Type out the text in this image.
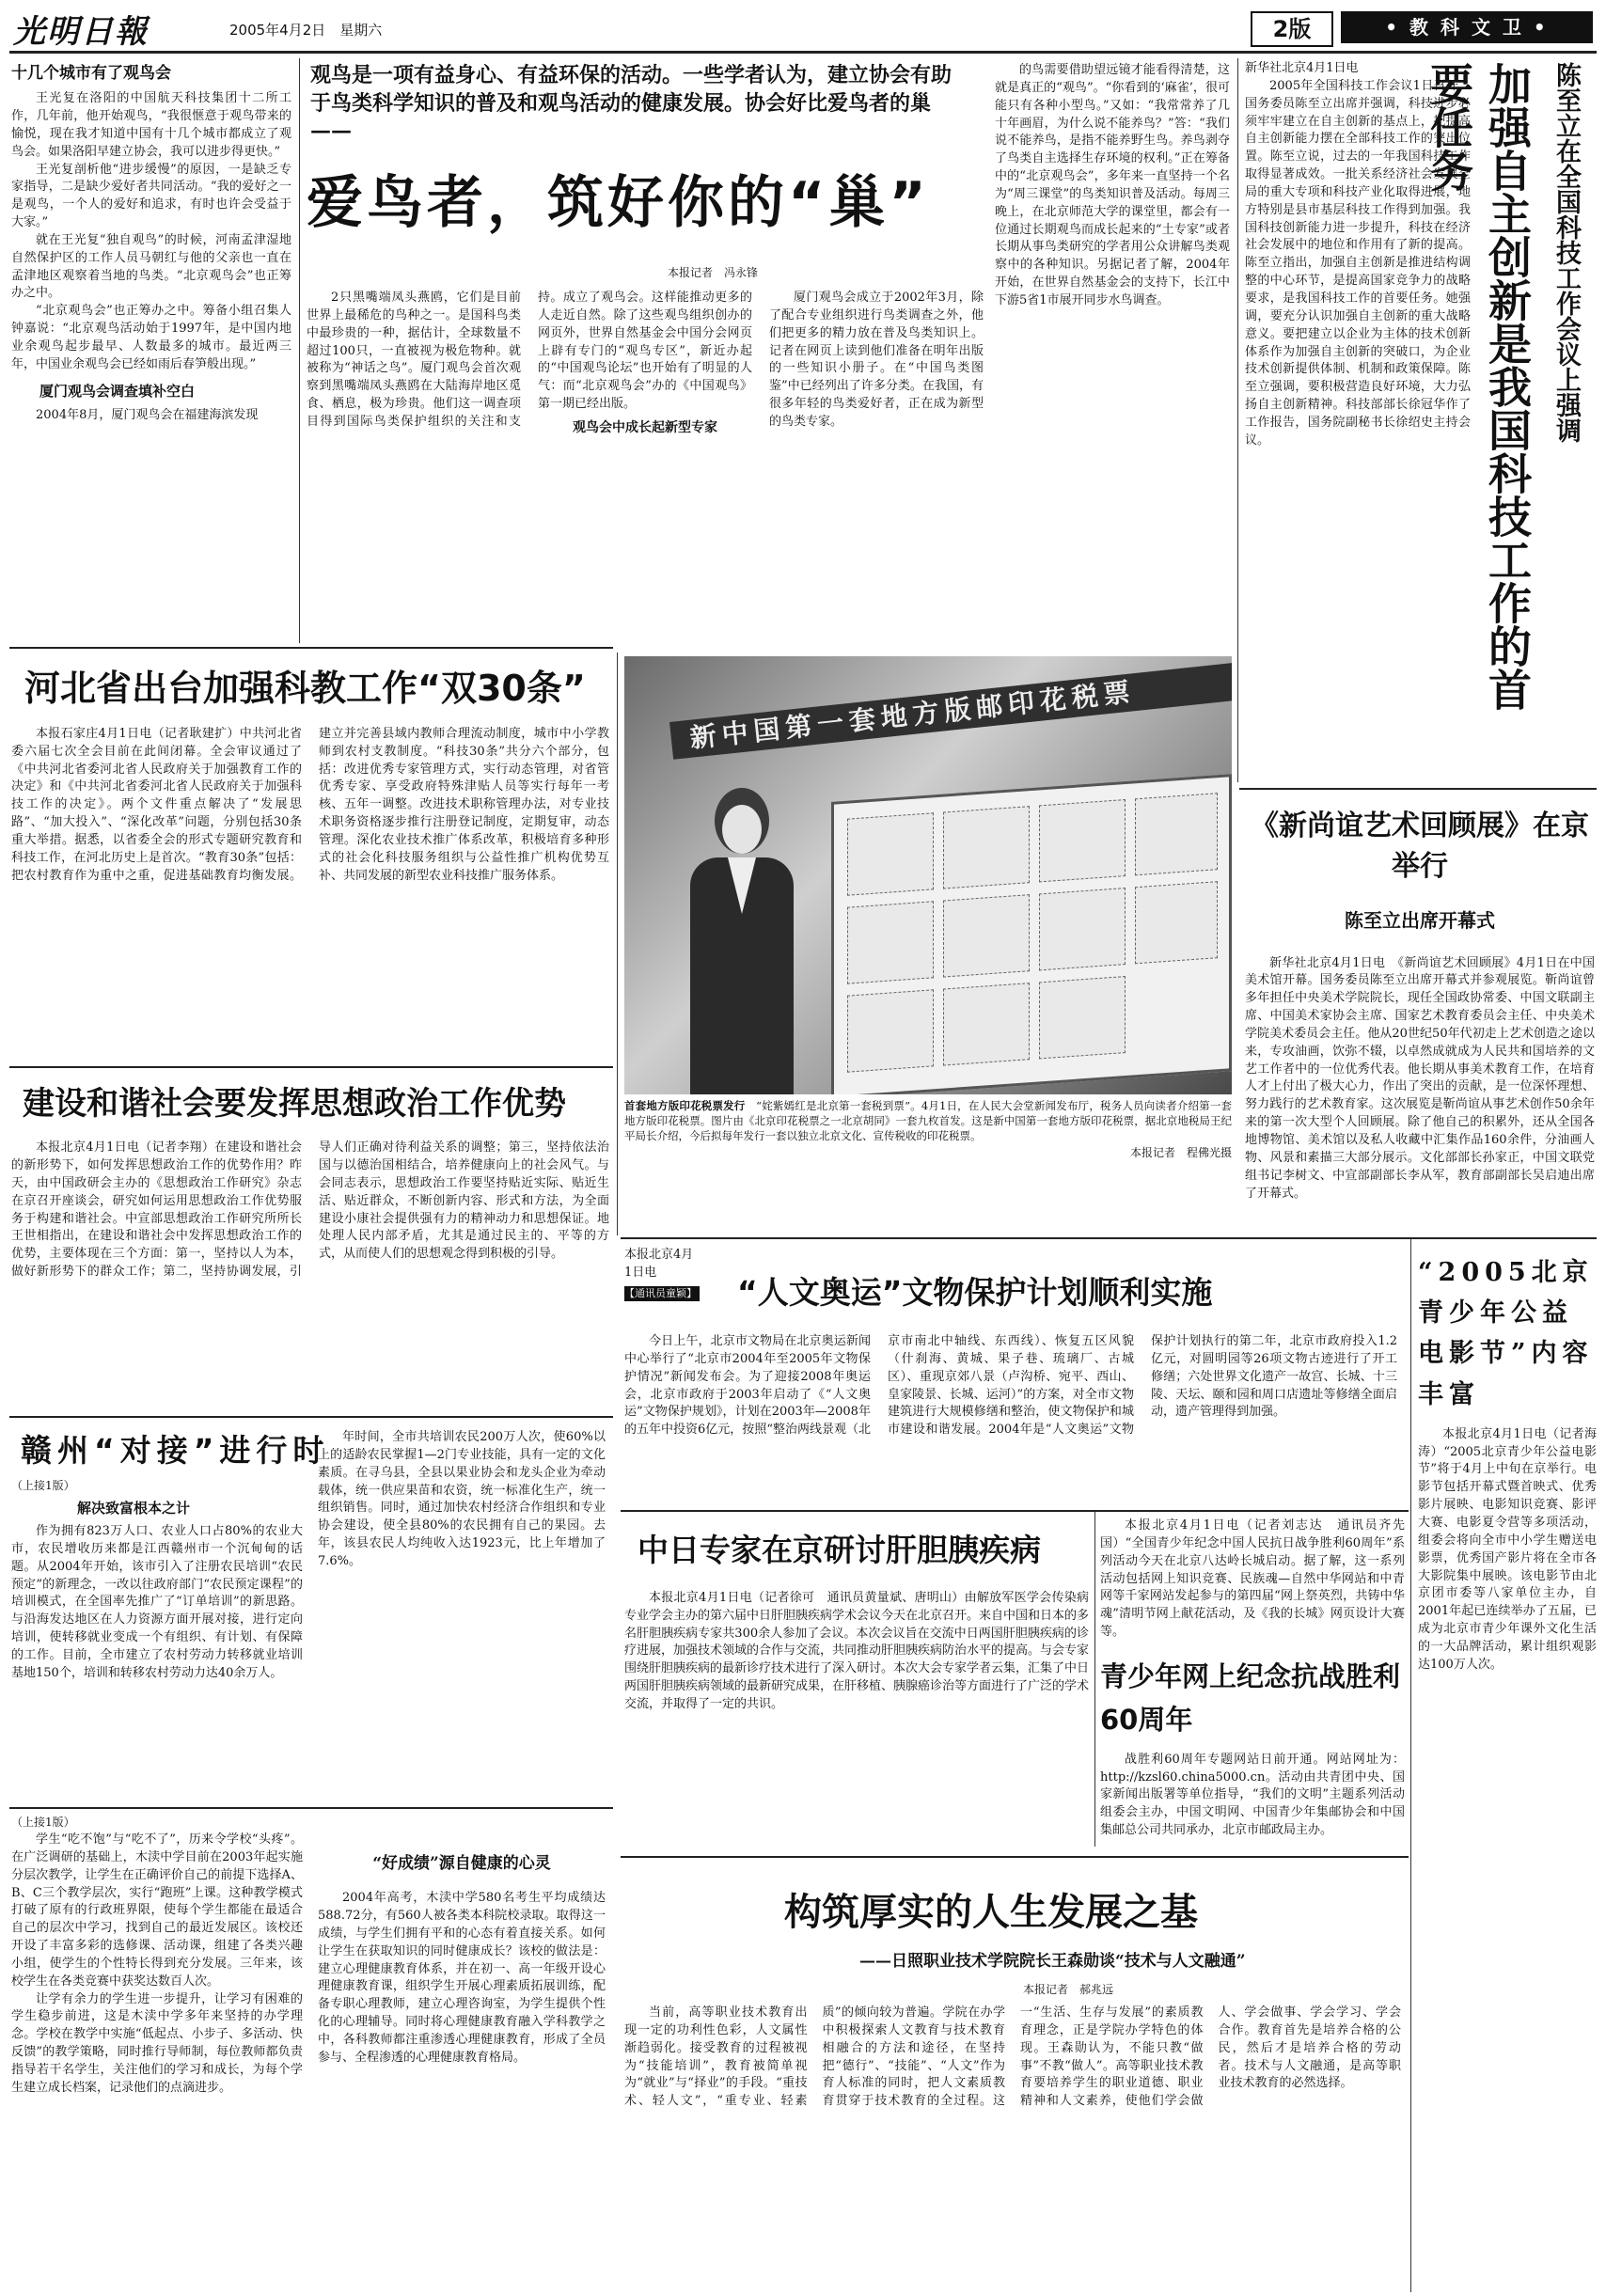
光明日報	2005年4月2日　星期六	2版	• 教 科 文 卫 •
十几个城市有了观鸟会

王光复在洛阳的中国航天科技集团十二所工作，几年前，他开始观鸟，“我很惬意于观鸟带来的愉悦，现在我才知道中国有十几个城市都成立了观鸟会。如果洛阳早建立协会，我可以进步得更快。”

王光复剖析他“进步缓慢”的原因，一是缺乏专家指导，二是缺少爱好者共同活动。“我的爱好之一是观鸟，一个人的爱好和追求，有时也许会受益于大家。”

就在王光复“独自观鸟”的时候，河南孟津湿地自然保护区的工作人员马朝红与他的父亲也一直在孟津地区观察着当地的鸟类。“北京观鸟会”也正筹办之中。

“北京观鸟会”也正筹办之中。筹备小组召集人钟嘉说：“北京观鸟活动始于1997年，是中国内地业余观鸟起步最早、人数最多的城市。最近两三年，中国业余观鸟会已经如雨后春笋般出现。”

厦门观鸟会调查填补空白

2004年8月，厦门观鸟会在福建海滨发现

观鸟是一项有益身心、有益环保的活动。一些学者认为，建立协会有助于鸟类科学知识的普及和观鸟活动的健康发展。协会好比爱鸟者的巢——
爱鸟者，筑好你的“巢”
本报记者　冯永锋

2只黑嘴端凤头燕鸥，它们是目前世界上最稀危的鸟种之一。是国科鸟类中最珍贵的一种，据估计，全球数量不超过100只，一直被视为极危物种。就被称为“神话之鸟”。厦门观鸟会首次观察到黑嘴端凤头燕鸥在大陆海岸地区觅食、栖息，极为珍贵。他们这一调查项目得到国际鸟类保护组织的关注和支持。成立了观鸟会。这样能推动更多的人走近自然。除了这些观鸟组织创办的网页外，世界自然基金会中国分会网页上辟有专门的“观鸟专区”，新近办起的“中国观鸟论坛”也开始有了明显的人气：而“北京观鸟会”办的《中国观鸟》第一期已经出版。

观鸟会中成长起新型专家

厦门观鸟会成立于2002年3月，除了配合专业组织进行鸟类调查之外，他们把更多的精力放在普及鸟类知识上。记者在网页上读到他们准备在明年出版的一些知识小册子。在“中国鸟类图鉴”中已经列出了许多分类。在我国，有很多年轻的鸟类爱好者，正在成为新型的鸟类专家。

的鸟需要借助望远镜才能看得清楚，这就是真正的“观鸟”。“你看到的‘麻雀’，很可能只有各种小型鸟。”又如：“我常常养了几十年画眉，为什么说不能养鸟？”答：“我们说不能养鸟，是指不能养野生鸟。养鸟剥夺了鸟类自主选择生存环境的权利。”正在筹备中的“北京观鸟会”，多年来一直坚持一个名为“周三课堂”的鸟类知识普及活动。每周三晚上，在北京师范大学的课堂里，都会有一位通过长期观鸟而成长起来的“土专家”或者长期从事鸟类研究的学者用公众讲解鸟类观察中的各种知识。另据记者了解，2004年开始，在世界自然基金会的支持下，长江中下游5省1市展开同步水鸟调查。

新华社北京4月1日电

2005年全国科技工作会议1日召开，国务委员陈至立出席并强调，科技进步必须牢牢建立在自主创新的基点上，把提高自主创新能力摆在全部科技工作的突出位置。陈至立说，过去的一年我国科技工作取得显著成效。一批关系经济社会发展全局的重大专项和科技产业化取得进展，地方特别是县市基层科技工作得到加强。我国科技创新能力进一步提升，科技在经济社会发展中的地位和作用有了新的提高。陈至立指出，加强自主创新是推进结构调整的中心环节，是提高国家竞争力的战略要求，是我国科技工作的首要任务。她强调，要充分认识加强自主创新的重大战略意义。要把建立以企业为主体的技术创新体系作为加强自主创新的突破口，为企业技术创新提供体制、机制和政策保障。陈至立强调，要积极营造良好环境，大力弘扬自主创新精神。科技部部长徐冠华作了工作报告，国务院副秘书长徐绍史主持会议。	加强自主创新是我国科技工作的首要任务	陈至立在全国科技工作会议上强调
河北省出台加强科教工作“双30条”

本报石家庄4月1日电（记者耿建扩）中共河北省委六届七次全会目前在此间闭幕。全会审议通过了《中共河北省委河北省人民政府关于加强教育工作的决定》和《中共河北省委河北省人民政府关于加强科技工作的决定》。两个文件重点解决了“发展思路”、“加大投入”、“深化改革”问题，分别包括30条重大举措。据悉，以省委全会的形式专题研究教育和科技工作，在河北历史上是首次。“教育30条”包括：把农村教育作为重中之重，促进基础教育均衡发展。建立并完善县域内教师合理流动制度，城市中小学教师到农村支教制度。“科技30条”共分六个部分，包括：改进优秀专家管理方式，实行动态管理，对省管优秀专家、享受政府特殊津贴人员等实行每年一考核、五年一调整。改进技术职称管理办法，对专业技术职务资格逐步推行注册登记制度，定期复审，动态管理。深化农业技术推广体系改革，积极培育多种形式的社会化科技服务组织与公益性推广机构优势互补、共同发展的新型农业科技推广服务体系。

新中国第一套地方版邮印花税票

首套地方版印花税票发行　 “姹紫嫣红是北京第一套税到票”。4月1日，在人民大会堂新闻发布厅，税务人员向读者介绍第一套地方版印花税票。图片由《北京印花税票之一北京胡同》一套九枚首发。这是新中国第一套地方版印花税票，据北京地税局王纪平局长介绍，今后拟每年发行一套以独立北京文化、宣传税收的印花税票。

本报记者　程佛光摄
《新尚谊艺术回顾展》在京举行
陈至立出席开幕式

新华社北京4月1日电　《新尚谊艺术回顾展》4月1日在中国美术馆开幕。国务委员陈至立出席开幕式并参观展览。靳尚谊曾多年担任中央美术学院院长，现任全国政协常委、中国文联副主席、中国美术家协会主席、国家艺术教育委员会主任、中央美术学院美术委员会主任。他从20世纪50年代初走上艺术创造之途以来，专攻油画，饮弥不辍，以卓然成就成为人民共和国培养的文艺工作者中的一位优秀代表。他长期从事美术教育工作，在培育人才上付出了极大心力，作出了突出的贡献，是一位深怀理想、努力践行的艺术教育家。这次展览是靳尚谊从事艺术创作50余年来的第一次大型个人回顾展。除了他自己的积累外，还从全国各地博物馆、美术馆以及私人收藏中汇集作品160余件，分油画人物、风景和素描三大部分展示。文化部部长孙家正，中国文联党组书记李树文、中宣部副部长李从军，教育部副部长吴启迪出席了开幕式。

建设和谐社会要发挥思想政治工作优势

本报北京4月1日电（记者李翔）在建设和谐社会的新形势下，如何发挥思想政治工作的优势作用？昨天，由中国政研会主办的《思想政治工作研究》杂志在京召开座谈会，研究如何运用思想政治工作优势服务于构建和谐社会。中宣部思想政治工作研究所所长王世相指出，在建设和谐社会中发挥思想政治工作的优势，主要体现在三个方面：第一，坚持以人为本，做好新形势下的群众工作；第二，坚持协调发展，引导人们正确对待利益关系的调整；第三，坚持依法治国与以德治国相结合，培养健康向上的社会风气。与会同志表示，思想政治工作要坚持贴近实际、贴近生活、贴近群众，不断创新内容、形式和方法，为全面建设小康社会提供强有力的精神动力和思想保证。地处理人民内部矛盾，尤其是通过民主的、平等的方式，从而使人们的思想观念得到积极的引导。	本报北京4月1日电
【通讯员童颖】 “人文奥运”文物保护计划顺利实施

今日上午，北京市文物局在北京奥运新闻中心举行了“北京市2004年至2005年文物保护情况”新闻发布会。为了迎接2008年奥运会，北京市政府于2003年启动了《“人文奥运”文物保护规划》，计划在2003年—2008年的五年中投资6亿元，按照“整治两线景观（北京市南北中轴线、东西线）、恢复五区风貌（什刹海、黄城、果子巷、琉璃厂、古城区）、重现京郊八景（卢沟桥、宛平、西山、皇家陵景、长城、运河）”的方案，对全市文物建筑进行大规模修缮和整治，使文物保护和城市建设和谐发展。2004年是“人文奥运”文物保护计划执行的第二年，北京市政府投入1.2亿元，对圆明园等26项文物古迹进行了开工修缮；六处世界文化遗产一故宫、长城、十三陵、天坛、颐和园和周口店遗址等修缮全面启动，遗产管理得到加强。

“2005北京青少年公益电影节”内容丰富

本报北京4月1日电（记者海涛）“2005北京青少年公益电影节”将于4月上中旬在京举行。电影节包括开幕式暨首映式、优秀影片展映、电影知识竞赛、影评大赛、电影夏令营等多项活动，组委会将向全市中小学生赠送电影票，优秀国产影片将在全市各大影院集中展映。该电影节由北京团市委等八家单位主办，自2001年起已连续举办了五届，已成为北京市青少年课外文化生活的一大品牌活动，累计组织观影达100万人次。

赣州“对接”进行时
（上接1版）
解决致富根本之计

作为拥有823万人口、农业人口占80%的农业大市，农民增收历来都是江西赣州市一个沉甸甸的话题。从2004年开始，该市引入了注册农民培训“农民预定”的新理念，一改以往政府部门“农民预定课程”的培训模式，在全国率先推广了“订单培训”的新思路。与沿海发达地区在人力资源方面开展对接，进行定向培训，使转移就业变成一个有组织、有计划、有保障的工作。目前，全市建立了农村劳动力转移就业培训基地150个，培训和转移农村劳动力达40余万人。

年时间，全市共培训农民200万人次，使60%以上的适龄农民掌握1—2门专业技能，具有一定的文化素质。在寻乌县，全县以果业协会和龙头企业为牵动载体，统一供应果苗和农资，统一标准化生产，统一组织销售。同时，通过加快农村经济合作组织和专业协会建设，使全县80%的农民拥有自己的果园。去年，该县农民人均纯收入达1923元，比上年增加了7.6%。	中日专家在京研讨肝胆胰疾病

本报北京4月1日电（记者徐可　通讯员黄量斌、唐明山）由解放军医学会传染病专业学会主办的第六届中日肝胆胰疾病学术会议今天在北京召开。来自中国和日本的多名肝胆胰疾病专家共300余人参加了会议。本次会议旨在交流中日两国肝胆胰疾病的诊疗进展，加强技术领域的合作与交流，共同推动肝胆胰疾病防治水平的提高。与会专家围绕肝胆胰疾病的最新诊疗技术进行了深入研讨。本次大会专家学者云集，汇集了中日两国肝胆胰疾病领域的最新研究成果，在肝移植、胰腺癌诊治等方面进行了广泛的学术交流，并取得了一定的共识。

本报北京4月1日电（记者刘志达　通讯员齐先国）“全国青少年纪念中国人民抗日战争胜利60周年”系列活动今天在北京八达岭长城启动。据了解，这一系列活动包括网上知识竞赛、民族魂—自然中华网站和中青网等千家网站发起参与的第四届“网上祭英烈，共铸中华魂”清明节网上献花活动，及《我的长城》网页设计大赛等。

青少年网上纪念抗战胜利60周年

战胜利60周年专题网站日前开通。网站网址为：http://kzsl60.china5000.cn。活动由共青团中央、国家新闻出版署等单位指导，“我们的文明”主题系列活动组委会主办，中国文明网、中国青少年集邮协会和中国集邮总公司共同承办，北京市邮政局主办。

（上接1版）

学生“吃不饱”与“吃不了”，历来令学校“头疼”。在广泛调研的基础上，木渎中学目前在2003年起实施分层次教学，让学生在正确评价自己的前提下选择A、B、C三个教学层次，实行“跑班”上课。这种教学模式打破了原有的行政班界限，使每个学生都能在最适合自己的层次中学习，找到自己的最近发展区。该校还开设了丰富多彩的选修课、活动课，组建了各类兴趣小组，使学生的个性特长得到充分发展。三年来，该校学生在各类竞赛中获奖达数百人次。

让学有余力的学生进一步提升，让学习有困难的学生稳步前进，这是木渎中学多年来坚持的办学理念。学校在教学中实施“低起点、小步子、多活动、快反馈”的教学策略，同时推行导师制，每位教师都负责指导若干名学生，关注他们的学习和成长，为每个学生建立成长档案，记录他们的点滴进步。

“好成绩”源自健康的心灵

2004年高考，木渎中学580名考生平均成绩达588.72分，有560人被各类本科院校录取。取得这一成绩，与学生们拥有平和的心态有着直接关系。如何让学生在获取知识的同时健康成长？该校的做法是：建立心理健康教育体系，并在初一、高一年级开设心理健康教育课，组织学生开展心理素质拓展训练，配备专职心理教师，建立心理咨询室，为学生提供个性化的心理辅导。同时将心理健康教育融入学科教学之中，各科教师都注重渗透心理健康教育，形成了全员参与、全程渗透的心理健康教育格局。

构筑厚实的人生发展之基
——日照职业技术学院院长王森勋谈“技术与人文融通”
本报记者　郝兆远

当前，高等职业技术教育出现一定的功利性色彩，人文属性渐趋弱化。接受教育的过程被视为“技能培训”，教育被简单视为“就业”与“择业”的手段。“重技术、轻人文”，“重专业、轻素质”的倾向较为普遍。学院在办学中积极探索人文教育与技术教育相融合的方法和途径，在坚持把“德行”、“技能”、“人文”作为育人标准的同时，把人文素质教育贯穿于技术教育的全过程。这一“生活、生存与发展”的素质教育理念，正是学院办学特色的体现。王森勋认为，不能只教“做事”不教“做人”。高等职业技术教育要培养学生的职业道德、职业精神和人文素养，使他们学会做人、学会做事、学会学习、学会合作。教育首先是培养合格的公民，然后才是培养合格的劳动者。技术与人文融通，是高等职业技术教育的必然选择。
